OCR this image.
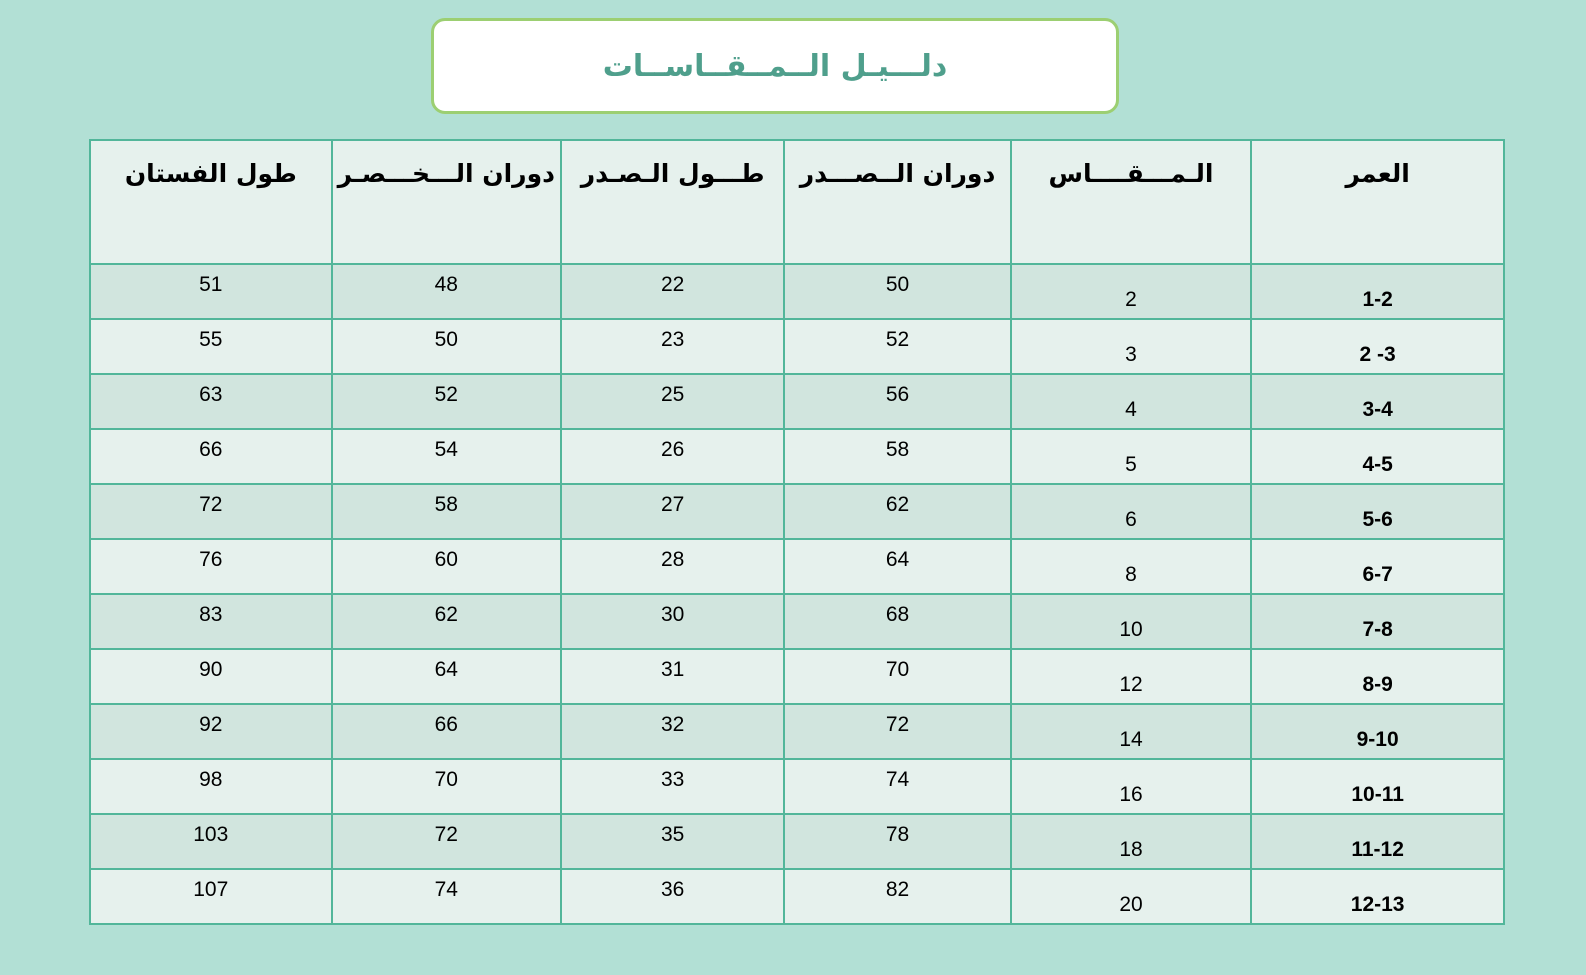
دلـــيـل الــمــقــاســات
طول الفستان	دوران الـــخـــصـر	طـــول الـصـدر	دوران الــصـــدر	الـمـــقــــاس	العمر
51	48	22	50	2	1-2
55	50	23	52	3	2 -3
63	52	25	56	4	3-4
66	54	26	58	5	4-5
72	58	27	62	6	5-6
76	60	28	64	8	6-7
83	62	30	68	10	7-8
90	64	31	70	12	8-9
92	66	32	72	14	9-10
98	70	33	74	16	10-11
103	72	35	78	18	11-12
107	74	36	82	20	12-13
